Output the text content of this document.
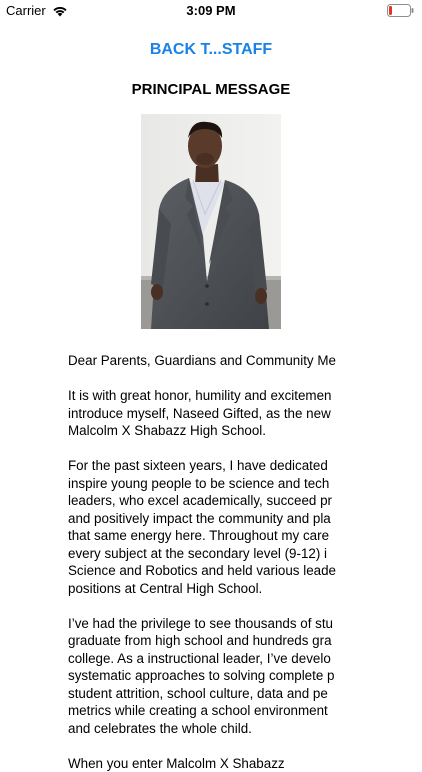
Carrier	3:09 PM
BACK T...STAFF
PRINCIPAL MESSAGE

Dear Parents, Guardians and Community Me

It is with great honor, humility and excitemen
introduce myself, Naseed Gifted, as the new
Malcolm X Shabazz High School.

For the past sixteen years, I have dedicated
inspire young people to be science and tech
leaders, who excel academically, succeed pr
and positively impact the community and pla
that same energy here. Throughout my care
every subject at the secondary level (9-12) i
Science and Robotics and held various leade
positions at Central High School.

I’ve had the privilege to see thousands of stu
graduate from high school and hundreds gra
college. As a instructional leader, I’ve develo
systematic approaches to solving complete p
student attrition, school culture, data and pe
metrics while creating a school environment
and celebrates the whole child.

When you enter Malcolm X Shabazz
